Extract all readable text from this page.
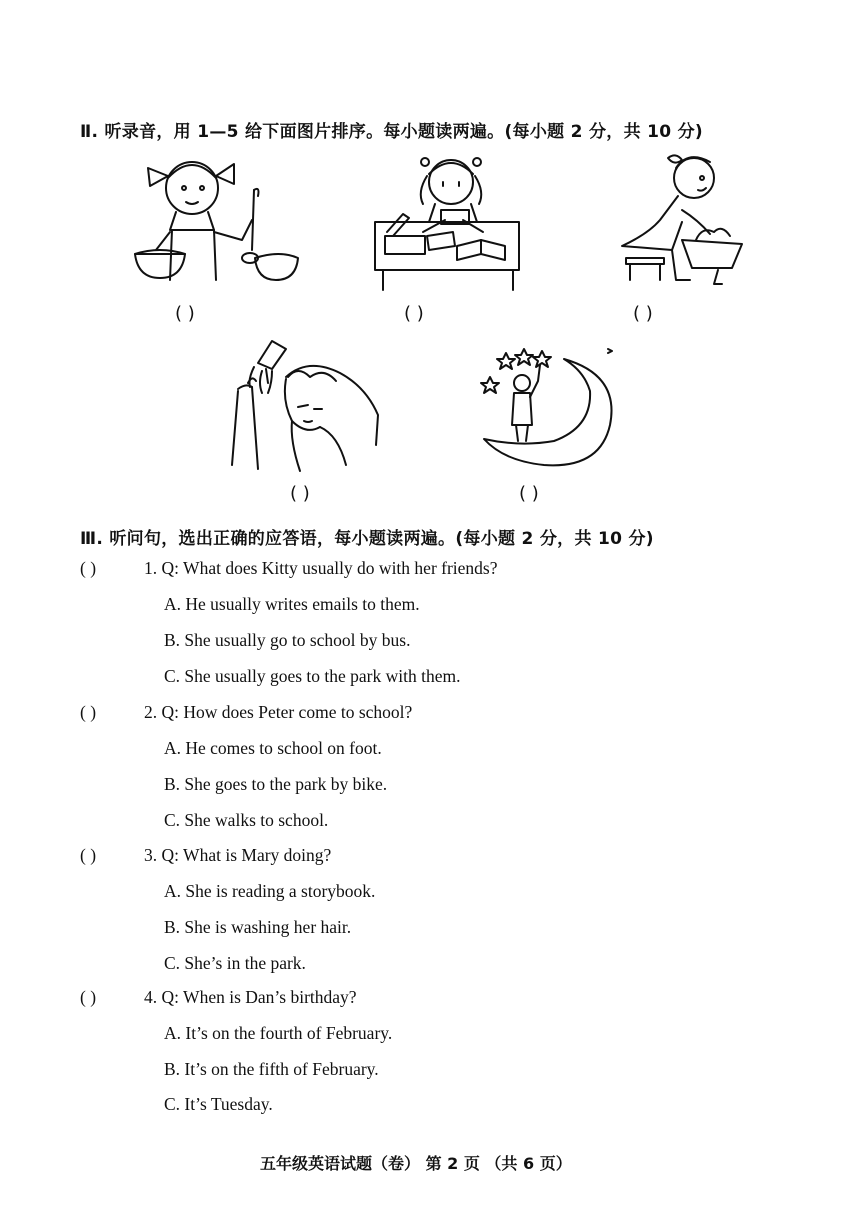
Ⅱ. 听录音，用 1—5 给下面图片排序。每小题读两遍。(每小题 2 分，共 10 分)
( )	( )	( )
( )	( )
Ⅲ. 听问句，选出正确的应答语，每小题读两遍。(每小题 2 分，共 10 分)
( )	1. Q: What does Kitty usually do with her friends?
A. He usually writes emails to them.
B. She usually go to school by bus.
C. She usually goes to the park with them.
( )	2. Q: How does Peter come to school?
A. He comes to school on foot.
B. She goes to the park by bike.
C. She walks to school.
( )	3. Q: What is Mary doing?
A. She is reading a storybook.
B. She is washing her hair.
C. She’s in the park.
( )	4. Q: When is Dan’s birthday?
A. It’s on the fourth of February.
B. It’s on the fifth of February.
C. It’s Tuesday.
五年级英语试题（卷） 第 2 页 （共 6 页）
